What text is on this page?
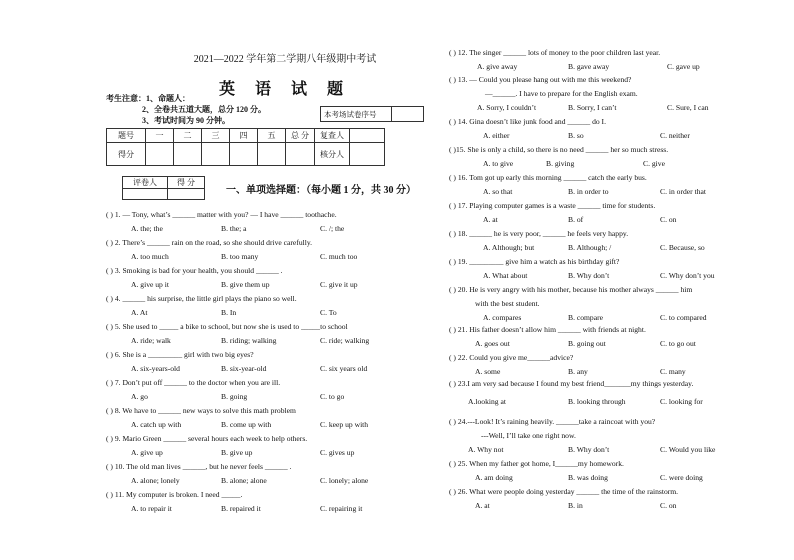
2021—2022 学年第二学期八年级期中考试
英 语 试 题
考生注意：1、命题人：
2、全卷共五道大题，总分 120 分。
3、考试时间为 90 分钟。
本考场试卷序号
题号	一	二	三	四	五	总 分	复查人	
得分							核分人	
评卷人	得 分

一、单项选择题：（每小题 1 分，共 30 分）
( ) 1. — Tony, what’s ______ matter with you? — I have ______ toothache.
A. the; the	B. the; a	C. /; the
( ) 2. There’s ______ rain on the road, so she should drive carefully.
A. too much	B. too many	C. much too
( ) 3. Smoking is bad for your health, you should ______ .
A. give up it	B. give them up	C. give it up
( ) 4. ______ his surprise, the little girl plays the piano so well.
A. At	B. In	C. To
( ) 5. She used to _____ a bike to school, but now she is used to _____to school
A. ride; walk	B. riding; walking	C. ride; walking
( ) 6. She is a _________ girl with two big eyes?
A. six-years-old	B. six-year-old	C. six years old
( ) 7. Don’t put off ______ to the doctor when you are ill.
A. go	B. going	C. to go
( ) 8. We have to ______ new ways to solve this math problem
A. catch up with	B. come up with	C. keep up with
( ) 9. Mario Green ______ several hours each week to help others.
A. give up	B. give up	C. gives up
( ) 10. The old man lives ______, but he never feels ______ .
A. alone; lonely	B. alone; alone	C. lonely; alone
( ) 11. My computer is broken. I need _____.
A. to repair it	B. repaired it	C. repairing it
( ) 12. The singer ______ lots of money to the poor children last year.
A. give away	B. gave away	C. gave up
( ) 13. — Could you please hang out with me this weekend?
—______. I have to prepare for the English exam.
A. Sorry, I couldn’t	B. Sorry, I can’t	C. Sure, I can
( ) 14. Gina doesn’t like junk food and ______ do I.
A. either	B. so	C. neither
( )15. She is only a child, so there is no need ______ her so much stress.
A. to give	B. giving	C. give
( ) 16. Tom got up early this morning ______ catch the early bus.
A. so that	B. in order to	C. in order that
( ) 17. Playing computer games is a waste ______ time for students.
A. at	B. of	C. on
( ) 18. ______ he is very poor, ______ he feels very happy.
A. Although; but	B. Although; /	C. Because, so
( ) 19. _________ give him a watch as his birthday gift?
A. What about	B. Why don’t	C. Why don’t you
( ) 20. He is very angry with his mother, because his mother always ______ him
with the best student.
A. compares	B. compare	C. to compared
( ) 21. His father doesn’t allow him ______ with friends at night.
A. goes out	B. going out	C. to go out
( ) 22. Could you give me______advice?
A. some	B. any	C. many
( ) 23.I am very sad because I found my best friend_______my things yesterday.
A.looking at	B. looking through	C. looking for
( ) 24.---Look! It’s raining heavily. ______take a raincoat with you?
---Well, I’ll take one right now.
A. Why not	B. Why don’t	C. Would you like
( ) 25. When my father got home, I______my homework.
A. am doing	B. was doing	C. were doing
( ) 26. What were people doing yesterday ______ the time of the rainstorm.
A. at	B. in	C. on
